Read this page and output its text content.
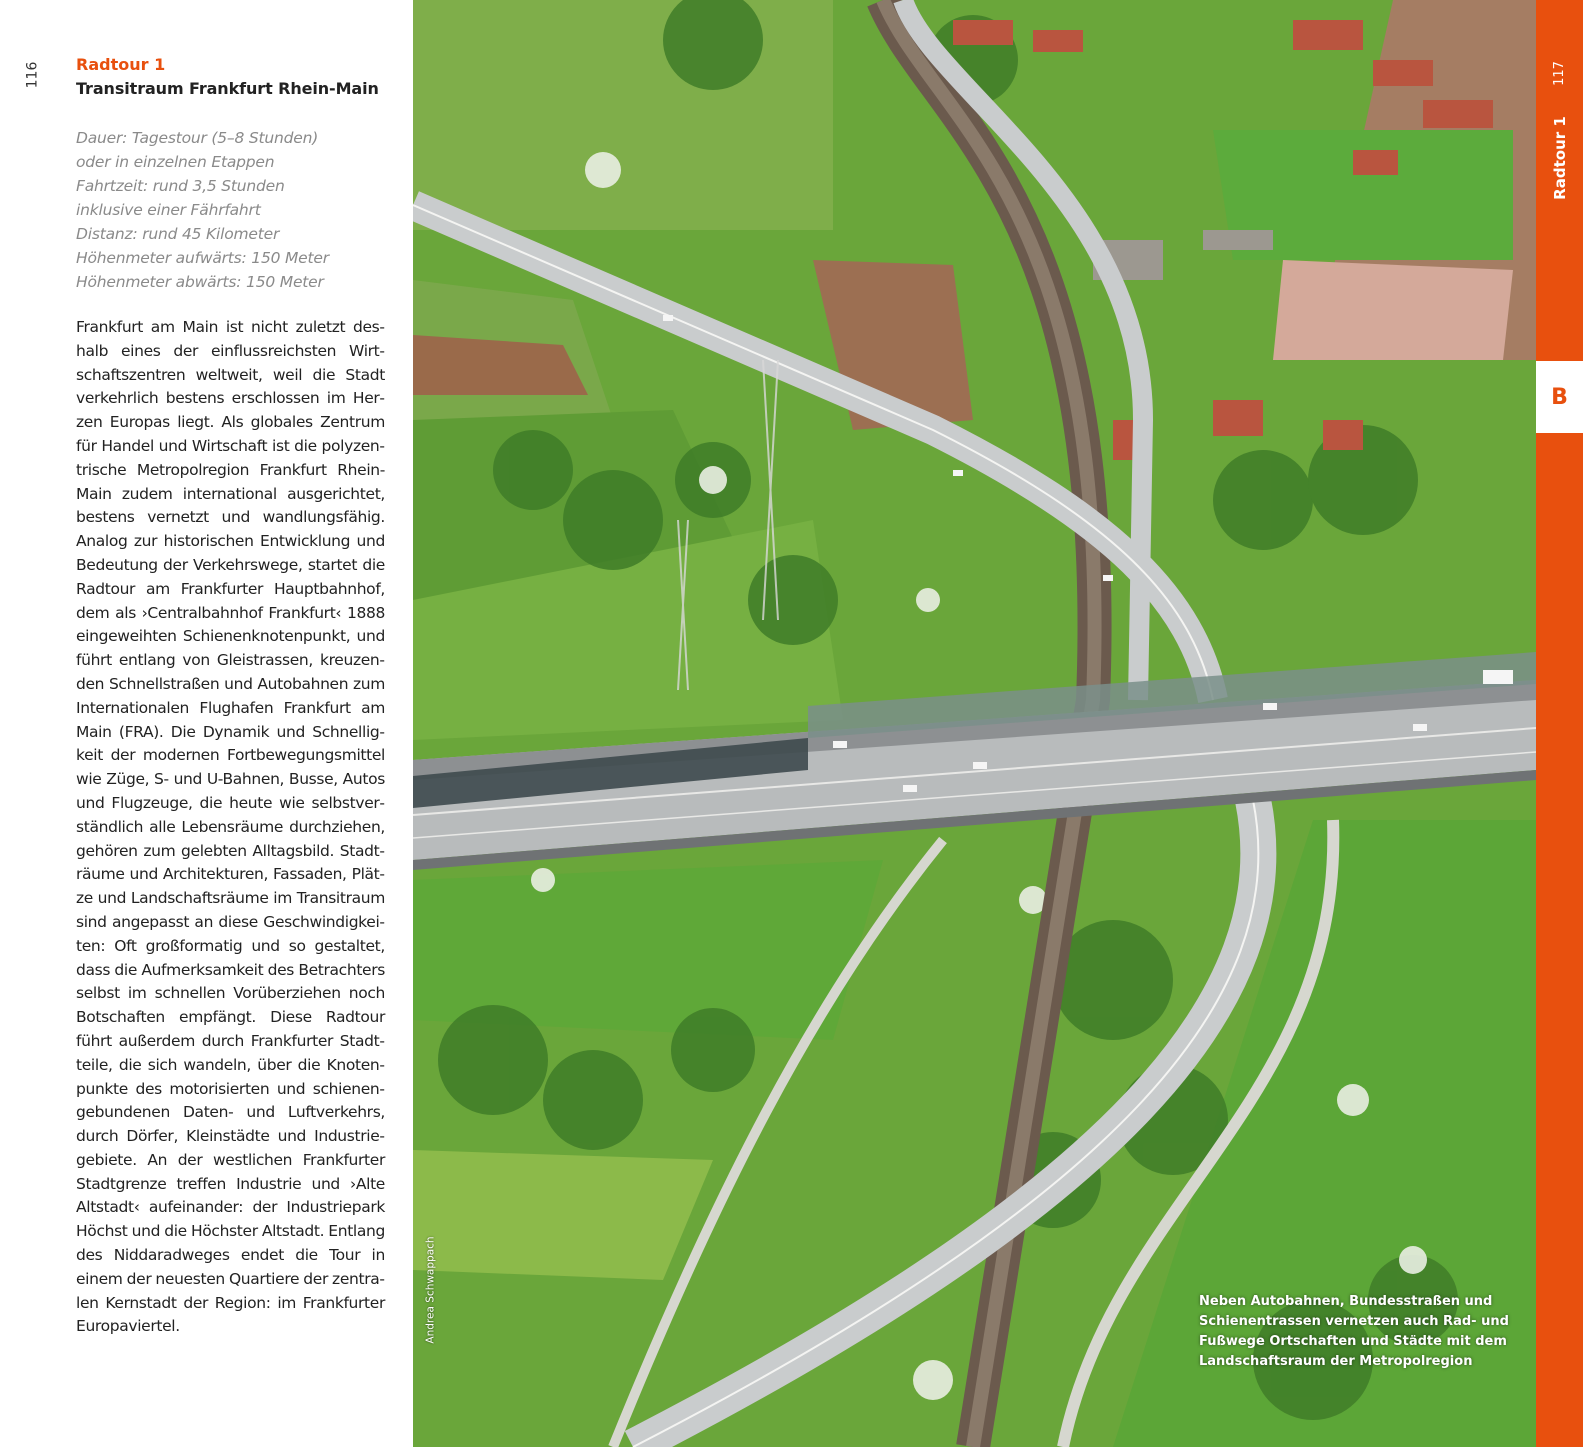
116 Radtour 1
Transitraum Frankfurt Rhein-Main
Dauer: Tagestour (5–8 Stunden)
oder in einzelnen Etappen
Fahrtzeit: rund 3,5 Stunden
inklusive einer Fährfahrt
Distanz: rund 45 Kilometer
Höhenmeter aufwärts: 150 Meter
Höhenmeter abwärts: 150 Meter
Frankfurt am Main ist nicht zuletzt deshalb eines der einflussreichsten Wirtschaftszentren weltweit, weil die Stadt verkehrlich bestens erschlossen im Herzen Europas liegt. Als globales Zentrum für Handel und Wirtschaft ist die polyzentrische Metropolregion Frankfurt Rhein-Main zudem international ausgerichtet, bestens vernetzt und wandlungsfähig. Analog zur historischen Entwicklung und Bedeutung der Verkehrswege, startet die Radtour am Frankfurter Hauptbahnhof, dem als ›Centralbahnhof Frankfurt‹ 1888 eingeweihten Schienenknotenpunkt, und führt entlang von Gleistrassen, kreuzenden Schnellstraßen und Autobahnen zum Internationalen Flughafen Frankfurt am Main (FRA). Die Dynamik und Schnelligkeit der modernen Fortbewegungsmittel wie Züge, S- und U-Bahnen, Busse, Autos und Flugzeuge, die heute wie selbstverständlich alle Lebensräume durchziehen, gehören zum gelebten Alltagsbild. Stadträume und Architekturen, Fassaden, Plätze und Landschaftsräume im Transitraum sind angepasst an diese Geschwindigkeiten: Oft großformatig und so gestaltet, dass die Aufmerksamkeit des Betrachters selbst im schnellen Vorüberziehen noch Botschaften empfängt. Diese Radtour führt außerdem durch Frankfurter Stadtteile, die sich wandeln, über die Knotenpunkte des motorisierten und schienengebundenen Daten- und Luftverkehrs, durch Dörfer, Kleinstädte und Industriegebiete. An der westlichen Frankfurter Stadtgrenze treffen Industrie und ›Alte Altstadt‹ aufeinander: der Industriepark Höchst und die Höchster Altstadt. Entlang des Niddaradweges endet die Tour in einem der neuesten Quartiere der zentralen Kernstadt der Region: im Frankfurter Europaviertel.	Andrea Schwappach	Neben Autobahnen, Bundesstraßen und
Schienentrassen vernetzen auch Rad- und
Fußwege Ortschaften und Städte mit dem
Landschaftsraum der Metropolregion
117
Radtour 1
B
